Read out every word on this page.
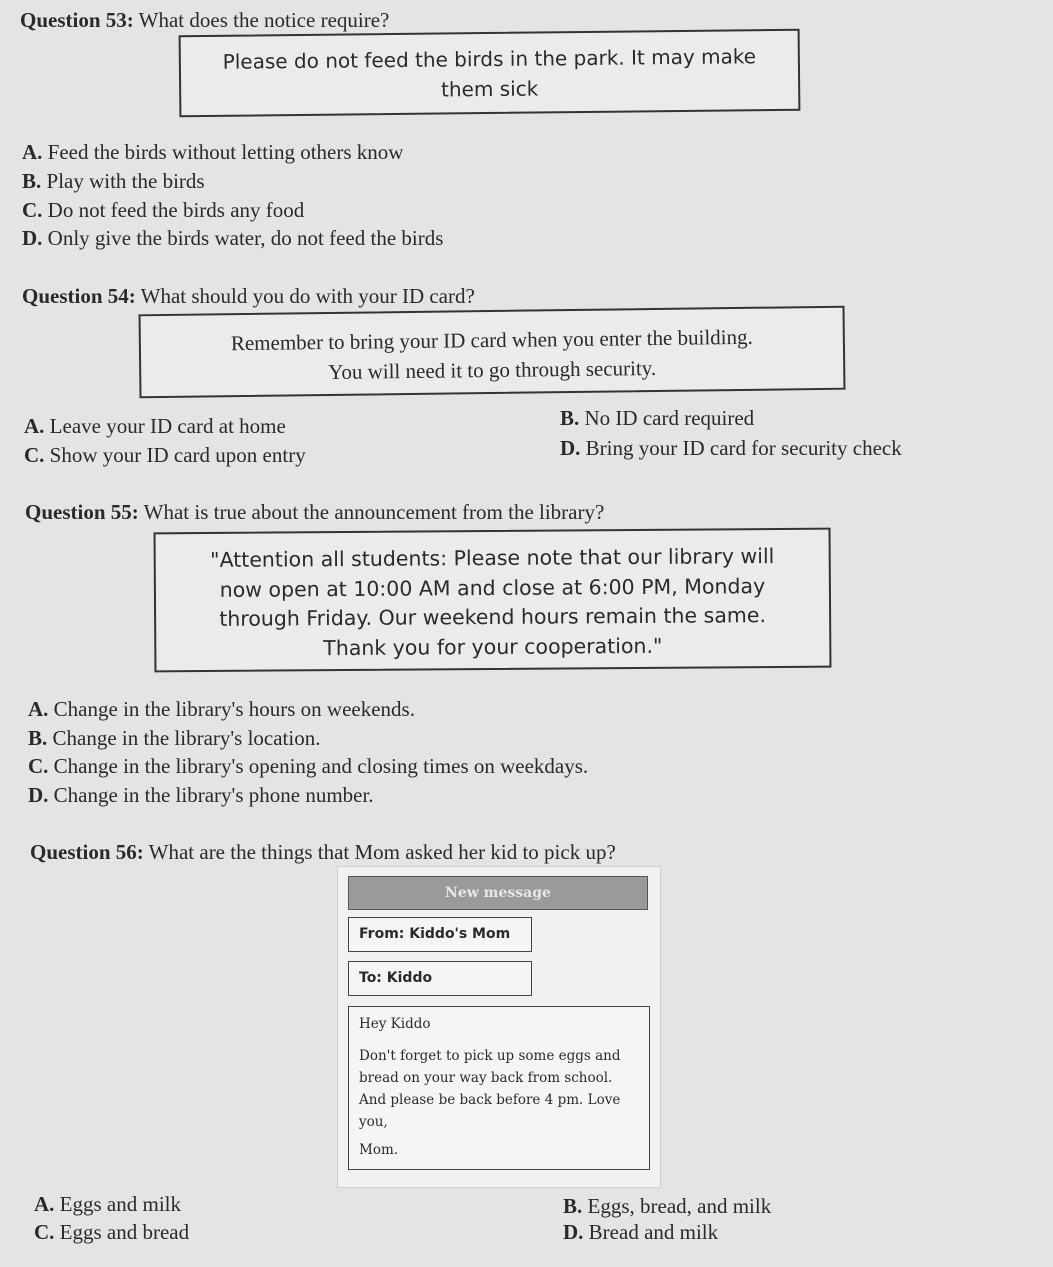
Question 53: What does the notice require?
Please do not feed the birds in the park. It may make
them sick
A. Feed the birds without letting others know
B. Play with the birds
C. Do not feed the birds any food
D. Only give the birds water, do not feed the birds
Question 54: What should you do with your ID card?
Remember to bring your ID card when you enter the building.
You will need it to go through security.
A. Leave your ID card at home	B. No ID card required
C. Show your ID card upon entry	D. Bring your ID card for security check
Question 55: What is true about the announcement from the library?
"Attention all students: Please note that our library will
now open at 10:00 AM and close at 6:00 PM, Monday
through Friday. Our weekend hours remain the same.
Thank you for your cooperation."
A. Change in the library's hours on weekends.
B. Change in the library's location.
C. Change in the library's opening and closing times on weekdays.
D. Change in the library's phone number.
Question 56: What are the things that Mom asked her kid to pick up?
New message
From: Kiddo's Mom
To: Kiddo

Hey Kiddo

Don't forget to pick up some eggs and

bread on your way back from school.

And please be back before 4 pm. Love

you,

Mom.

A. Eggs and milk	B. Eggs, bread, and milk
C. Eggs and bread	D. Bread and milk
